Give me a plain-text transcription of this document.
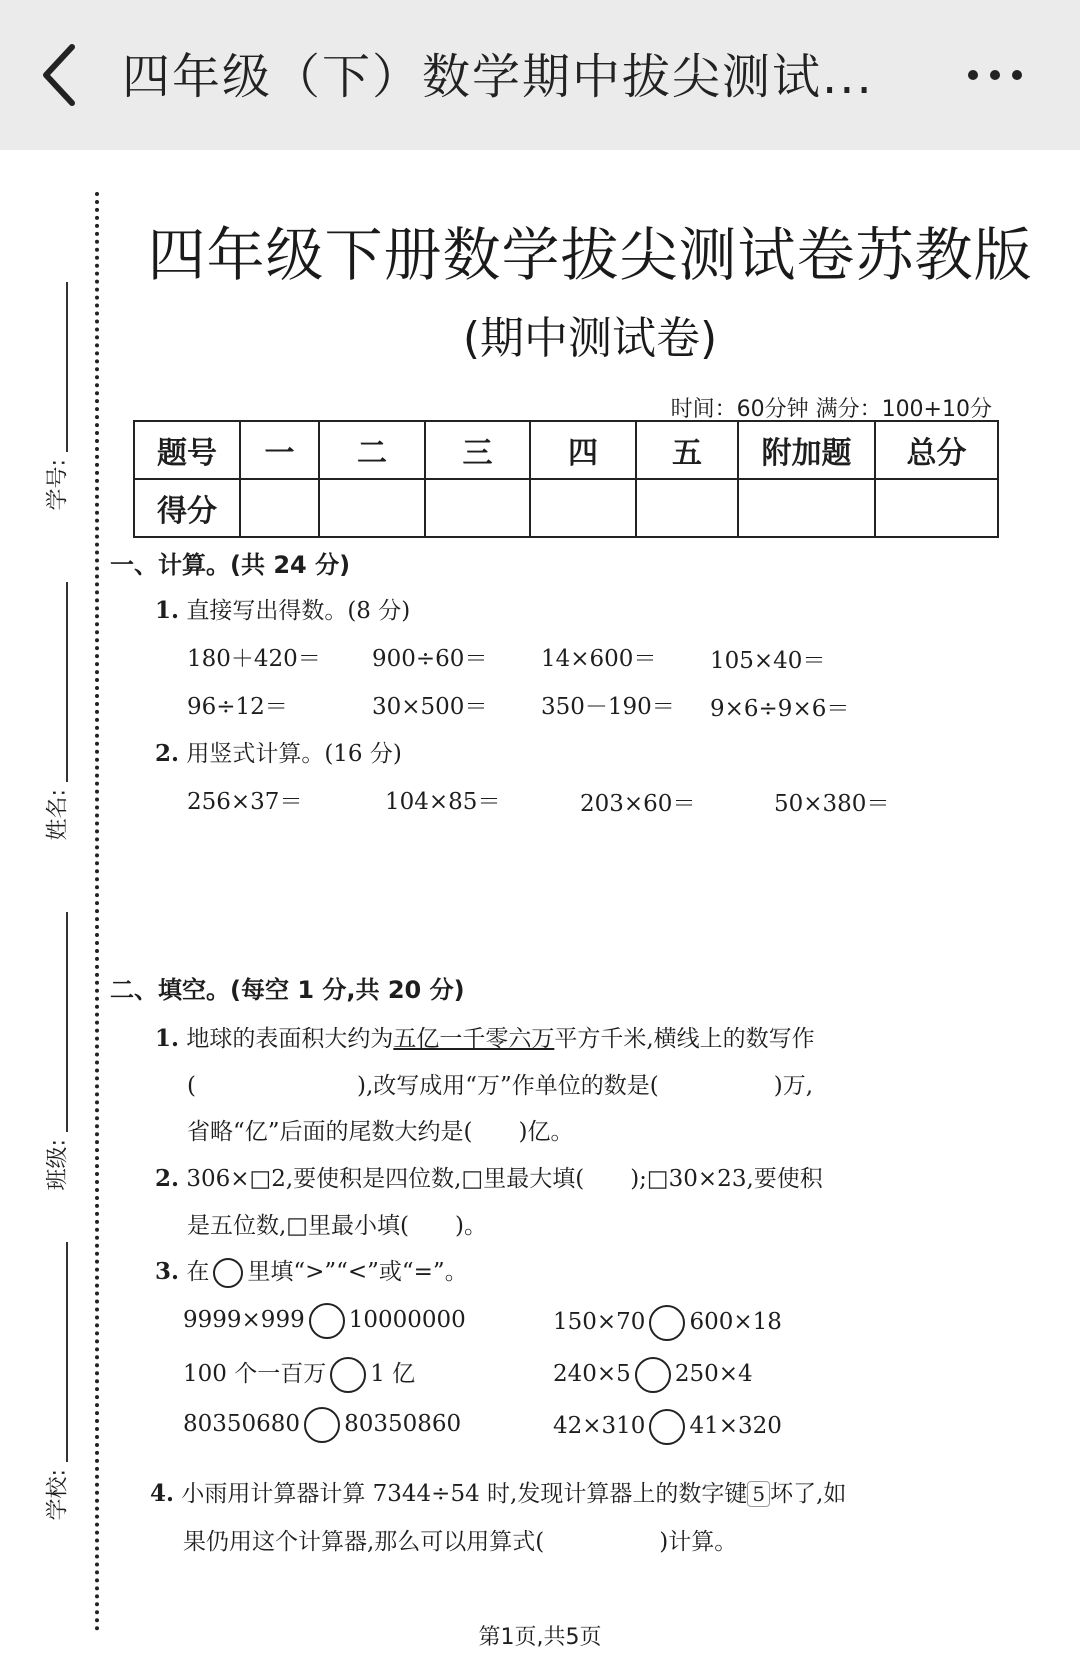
四年级（下）数学期中拔尖测试...
学号:
姓名:
班级:
学校:
四年级下册数学拔尖测试卷苏教版
(期中测试卷)
时间：60分钟 满分：100+10分
题号	一	二	三	四	五	附加题	总分
得分							
一、计算。(共 24 分)
1. 直接写出得数。(8 分)
180＋420＝ 900÷60＝ 14×600＝ 105×40＝
96÷12＝	30×500＝ 350－190＝ 9×6÷9×6＝
2. 用竖式计算。(16 分)
256×37＝	104×85＝	203×60＝	50×380＝
二、填空。(每空 1 分,共 20 分)
1. 地球的表面积大约为五亿一千零六万平方千米,横线上的数写作
(　　　　　　　),改写成用“万”作单位的数是(　　　　　)万,
省略“亿”后面的尾数大约是(　　)亿。
2. 306×□2,要使积是四位数,□里最大填(　　);□30×23,要使积
是五位数,□里最小填(　　)。
3. 在 里填“>”“<”或“=”。
9999×999 10000000	150×70 600×18
100 个一百万 1 亿	240×5 250×4
80350680 80350860	42×310 41×320
4. 小雨用计算器计算 7344÷54 时,发现计算器上的数字键 5 坏了,如
果仍用这个计算器,那么可以用算式(　　　　　)计算。
第1页,共5页
